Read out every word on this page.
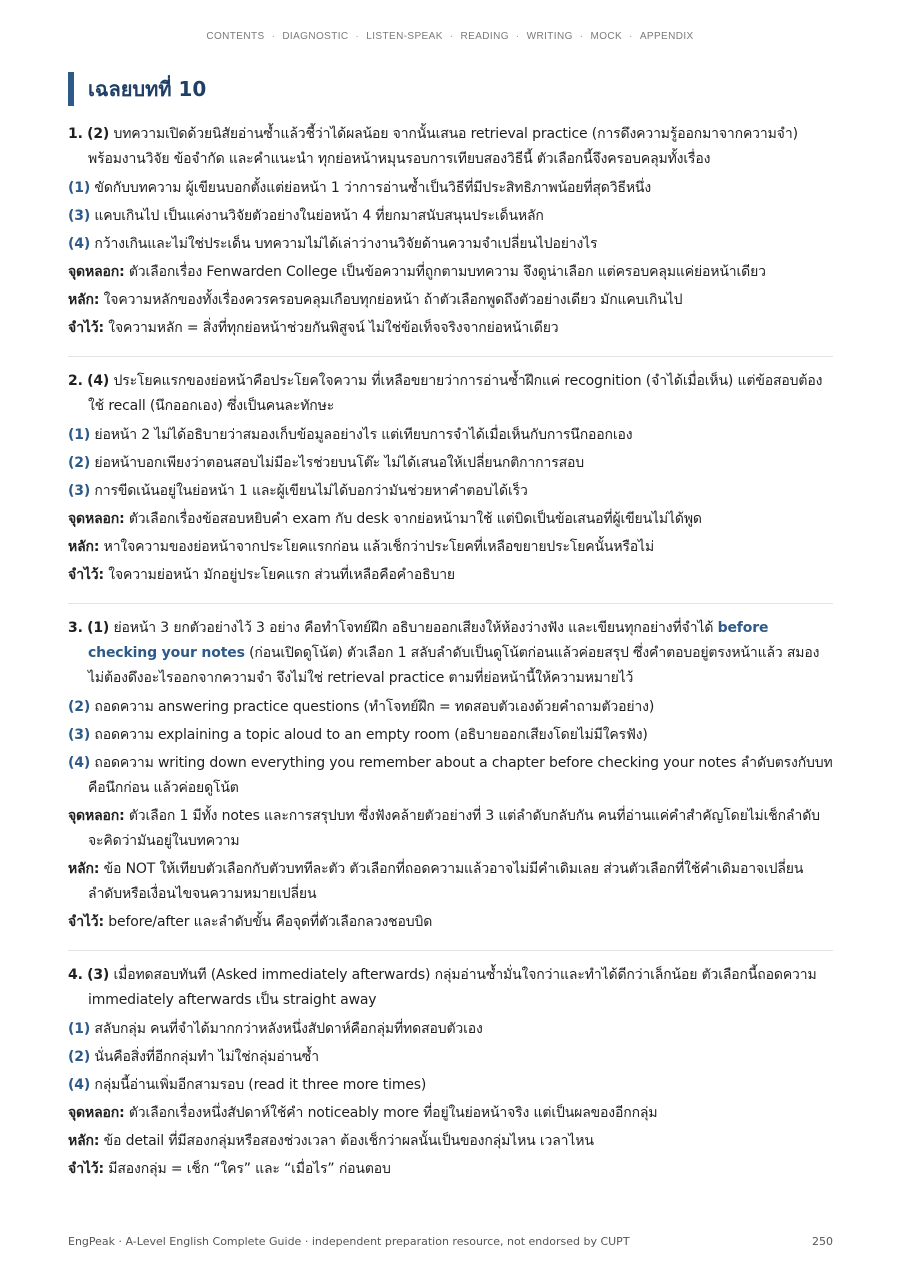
CONTENTS · DIAGNOSTIC · LISTEN-SPEAK · READING · WRITING · MOCK · APPENDIX
เฉลยบทที่ 10

1. (2) บทความเปิดด้วยนิสัยอ่านซ้ำแล้วชี้ว่าได้ผลน้อย จากนั้นเสนอ retrieval practice (การดึงความรู้ออกมาจากความจำ) พร้อมงานวิจัย ข้อจำกัด และคำแนะนำ ทุกย่อหน้าหมุนรอบการเทียบสองวิธีนี้ ตัวเลือกนี้จึงครอบคลุมทั้งเรื่อง

(1) ขัดกับบทความ ผู้เขียนบอกตั้งแต่ย่อหน้า 1 ว่าการอ่านซ้ำเป็นวิธีที่มีประสิทธิภาพน้อยที่สุดวิธีหนึ่ง

(3) แคบเกินไป เป็นแค่งานวิจัยตัวอย่างในย่อหน้า 4 ที่ยกมาสนับสนุนประเด็นหลัก

(4) กว้างเกินและไม่ใช่ประเด็น บทความไม่ได้เล่าว่างานวิจัยด้านความจำเปลี่ยนไปอย่างไร

จุดหลอก: ตัวเลือกเรื่อง Fenwarden College เป็นข้อความที่ถูกตามบทความ จึงดูน่าเลือก แต่ครอบคลุมแค่ย่อหน้าเดียว

หลัก: ใจความหลักของทั้งเรื่องควรครอบคลุมเกือบทุกย่อหน้า ถ้าตัวเลือกพูดถึงตัวอย่างเดียว มักแคบเกินไป

จำไว้: ใจความหลัก = สิ่งที่ทุกย่อหน้าช่วยกันพิสูจน์ ไม่ใช่ข้อเท็จจริงจากย่อหน้าเดียว

2. (4) ประโยคแรกของย่อหน้าคือประโยคใจความ ที่เหลือขยายว่าการอ่านซ้ำฝึกแค่ recognition (จำได้เมื่อเห็น) แต่ข้อสอบต้องใช้ recall (นึกออกเอง) ซึ่งเป็นคนละทักษะ

(1) ย่อหน้า 2 ไม่ได้อธิบายว่าสมองเก็บข้อมูลอย่างไร แต่เทียบการจำได้เมื่อเห็นกับการนึกออกเอง

(2) ย่อหน้าบอกเพียงว่าตอนสอบไม่มีอะไรช่วยบนโต๊ะ ไม่ได้เสนอให้เปลี่ยนกติกาการสอบ

(3) การขีดเน้นอยู่ในย่อหน้า 1 และผู้เขียนไม่ได้บอกว่ามันช่วยหาคำตอบได้เร็ว

จุดหลอก: ตัวเลือกเรื่องข้อสอบหยิบคำ exam กับ desk จากย่อหน้ามาใช้ แต่บิดเป็นข้อเสนอที่ผู้เขียนไม่ได้พูด

หลัก: หาใจความของย่อหน้าจากประโยคแรกก่อน แล้วเช็กว่าประโยคที่เหลือขยายประโยคนั้นหรือไม่

จำไว้: ใจความย่อหน้า มักอยู่ประโยคแรก ส่วนที่เหลือคือคำอธิบาย

3. (1) ย่อหน้า 3 ยกตัวอย่างไว้ 3 อย่าง คือทำโจทย์ฝึก อธิบายออกเสียงให้ห้องว่างฟัง และเขียนทุกอย่างที่จำได้ before checking your notes (ก่อนเปิดดูโน้ต) ตัวเลือก 1 สลับลำดับเป็นดูโน้ตก่อนแล้วค่อยสรุป ซึ่งคำตอบอยู่ตรงหน้าแล้ว สมองไม่ต้องดึงอะไรออกจากความจำ จึงไม่ใช่ retrieval practice ตามที่ย่อหน้านี้ให้ความหมายไว้

(2) ถอดความ answering practice questions (ทำโจทย์ฝึก = ทดสอบตัวเองด้วยคำถามตัวอย่าง)

(3) ถอดความ explaining a topic aloud to an empty room (อธิบายออกเสียงโดยไม่มีใครฟัง)

(4) ถอดความ writing down everything you remember about a chapter before checking your notes ลำดับตรงกับบท คือนึกก่อน แล้วค่อยดูโน้ต

จุดหลอก: ตัวเลือก 1 มีทั้ง notes และการสรุปบท ซึ่งฟังคล้ายตัวอย่างที่ 3 แต่ลำดับกลับกัน คนที่อ่านแค่คำสำคัญโดยไม่เช็กลำดับจะคิดว่ามันอยู่ในบทความ

หลัก: ข้อ NOT ให้เทียบตัวเลือกกับตัวบททีละตัว ตัวเลือกที่ถอดความแล้วอาจไม่มีคำเดิมเลย ส่วนตัวเลือกที่ใช้คำเดิมอาจเปลี่ยนลำดับหรือเงื่อนไขจนความหมายเปลี่ยน

จำไว้: before/after และลำดับขั้น คือจุดที่ตัวเลือกลวงชอบบิด

4. (3) เมื่อทดสอบทันที (Asked immediately afterwards) กลุ่มอ่านซ้ำมั่นใจกว่าและทำได้ดีกว่าเล็กน้อย ตัวเลือกนี้ถอดความ immediately afterwards เป็น straight away

(1) สลับกลุ่ม คนที่จำได้มากกว่าหลังหนึ่งสัปดาห์คือกลุ่มที่ทดสอบตัวเอง

(2) นั่นคือสิ่งที่อีกกลุ่มทำ ไม่ใช่กลุ่มอ่านซ้ำ

(4) กลุ่มนี้อ่านเพิ่มอีกสามรอบ (read it three more times)

จุดหลอก: ตัวเลือกเรื่องหนึ่งสัปดาห์ใช้คำ noticeably more ที่อยู่ในย่อหน้าจริง แต่เป็นผลของอีกกลุ่ม

หลัก: ข้อ detail ที่มีสองกลุ่มหรือสองช่วงเวลา ต้องเช็กว่าผลนั้นเป็นของกลุ่มไหน เวลาไหน

จำไว้: มีสองกลุ่ม = เช็ก “ใคร” และ “เมื่อไร” ก่อนตอบ

EngPeak · A-Level English Complete Guide · independent preparation resource, not endorsed by CUPT	250
